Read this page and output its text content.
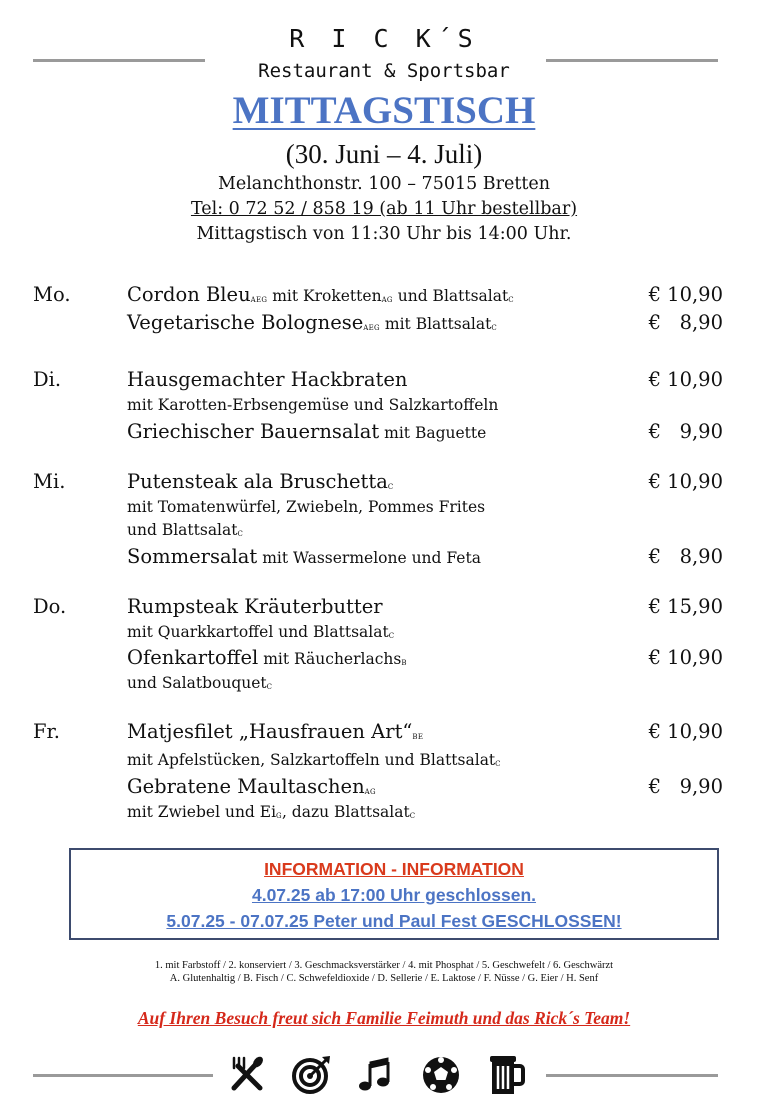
R I C K´S
Restaurant & Sportsbar
MITTAGSTISCH
(30. Juni – 4. Juli)
Melanchthonstr. 100 – 75015 Bretten
Tel: 0 72 52 / 858 19 (ab 11 Uhr bestellbar)
Mittagstisch von 11:30 Uhr bis 14:00 Uhr.
Mo.	Cordon Bleu$_{AEG}$ mit Kroketten$_{AG}$ und Blattsalat$_C$	€ 10,90
Vegetarische Bolognese$_{AEG}$ mit Blattsalat$_C$	€   8,90
Di.	Hausgemachter Hackbraten	€ 10,90
mit Karotten-Erbsengemüse und Salzkartoffeln
Griechischer Bauernsalat mit Baguette	€   9,90
Mi.	Putensteak ala Bruschetta$_C$	€ 10,90
mit Tomatenwürfel, Zwiebeln, Pommes Frites
und Blattsalat$_C$
Sommersalat mit Wassermelone und Feta	€   8,90
Do.	Rumpsteak Kräuterbutter	€ 15,90
mit Quarkkartoffel und Blattsalat$_C$
Ofenkartoffel mit Räucherlachs$_B$	€ 10,90
und Salatbouquet$_C$
Fr.	Matjesfilet „Hausfrauen $Art“_{BE}$	€ 10,90
mit Apfelstücken, Salzkartoffeln und Blattsalat$_C$
Gebratene Maultaschen$_{AG}$	€   9,90
mit Zwiebel und $Ei_G$, dazu Blattsalat$_C$
INFORMATION - INFORMATION
4.07.25 ab 17:00 Uhr geschlossen.
5.07.25 - 07.07.25 Peter und Paul Fest GESCHLOSSEN!
1. mit Farbstoff / 2. konserviert / 3. Geschmacksverstärker / 4. mit Phosphat / 5. Geschwefelt / 6. Geschwärzt
A. Glutenhaltig / B. Fisch / C. Schwefeldioxide / D. Sellerie / E. Laktose / F. Nüsse / G. Eier / H. Senf
Auf Ihren Besuch freut sich Familie Feimuth und das Rick´s Team!
